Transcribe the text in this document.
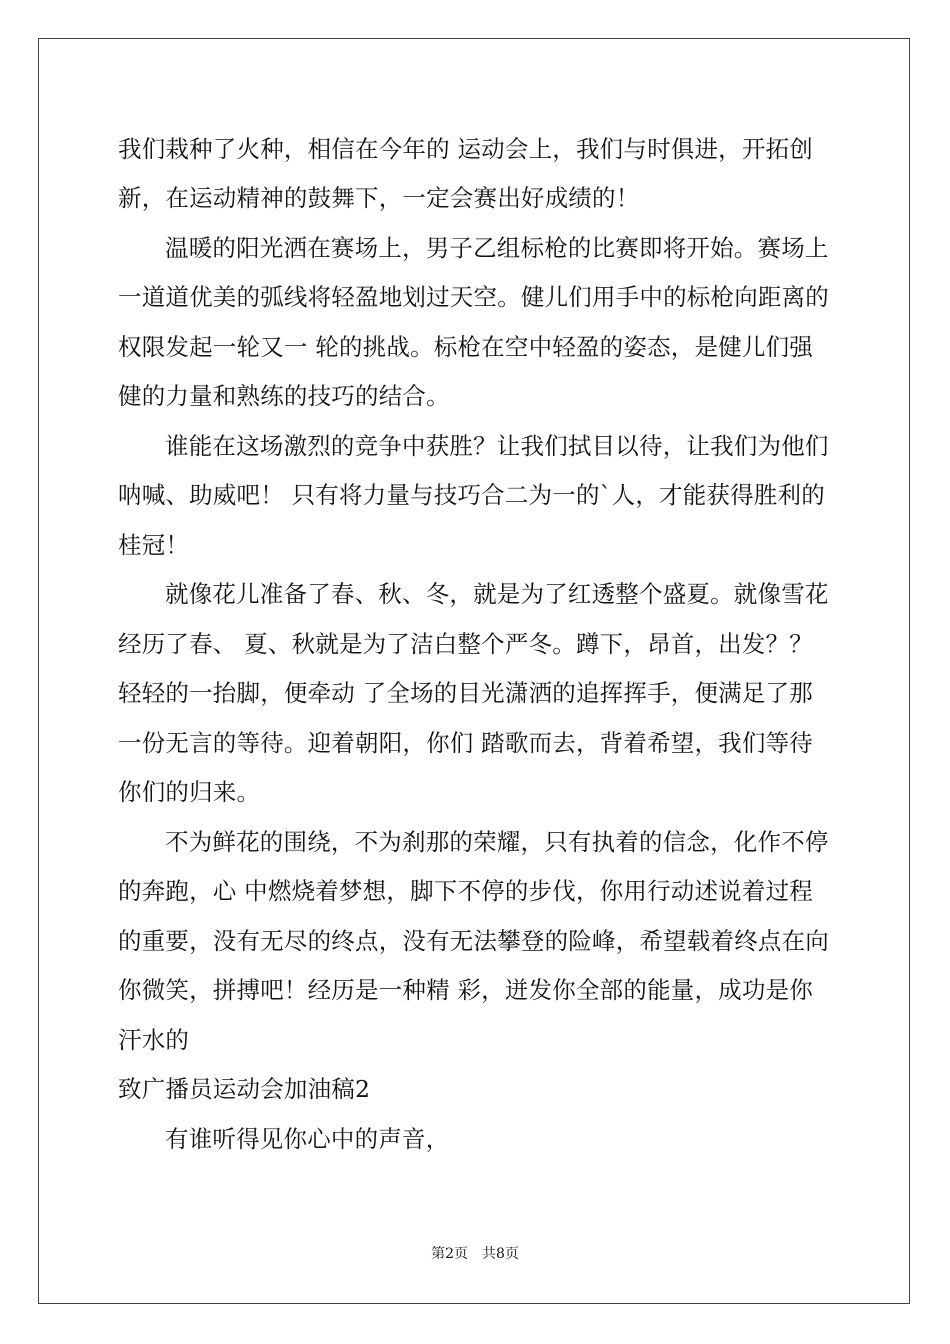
我们栽种了火种，相信在今年的 运动会上，我们与时俱进，开拓创
新，在运动精神的鼓舞下，一定会赛出好成绩的！
温暖的阳光洒在赛场上，男子乙组标枪的比赛即将开始。赛场上
一道道优美的弧线将轻盈地划过天空。健儿们用手中的标枪向距离的
权限发起一轮又一 轮的挑战。标枪在空中轻盈的姿态，是健儿们强
健的力量和熟练的技巧的结合。
谁能在这场激烈的竞争中获胜？让我们拭目以待，让我们为他们
呐喊、助威吧！ 只有将力量与技巧合二为一的`人，才能获得胜利的
桂冠！
就像花儿准备了春、秋、冬，就是为了红透整个盛夏。就像雪花
经历了春、 夏、秋就是为了洁白整个严冬。蹲下，昂首，出发？？
轻轻的一抬脚，便牵动 了全场的目光潇洒的追挥挥手，便满足了那
一份无言的等待。迎着朝阳，你们 踏歌而去，背着希望，我们等待
你们的归来。
不为鲜花的围绕，不为刹那的荣耀，只有执着的信念，化作不停
的奔跑，心 中燃烧着梦想，脚下不停的步伐，你用行动述说着过程
的重要，没有无尽的终点，没有无法攀登的险峰，希望载着终点在向
你微笑，拼搏吧！经历是一种精 彩，迸发你全部的能量，成功是你
汗水的
致广播员运动会加油稿2
有谁听得见你心中的声音，
第2页 共8页
